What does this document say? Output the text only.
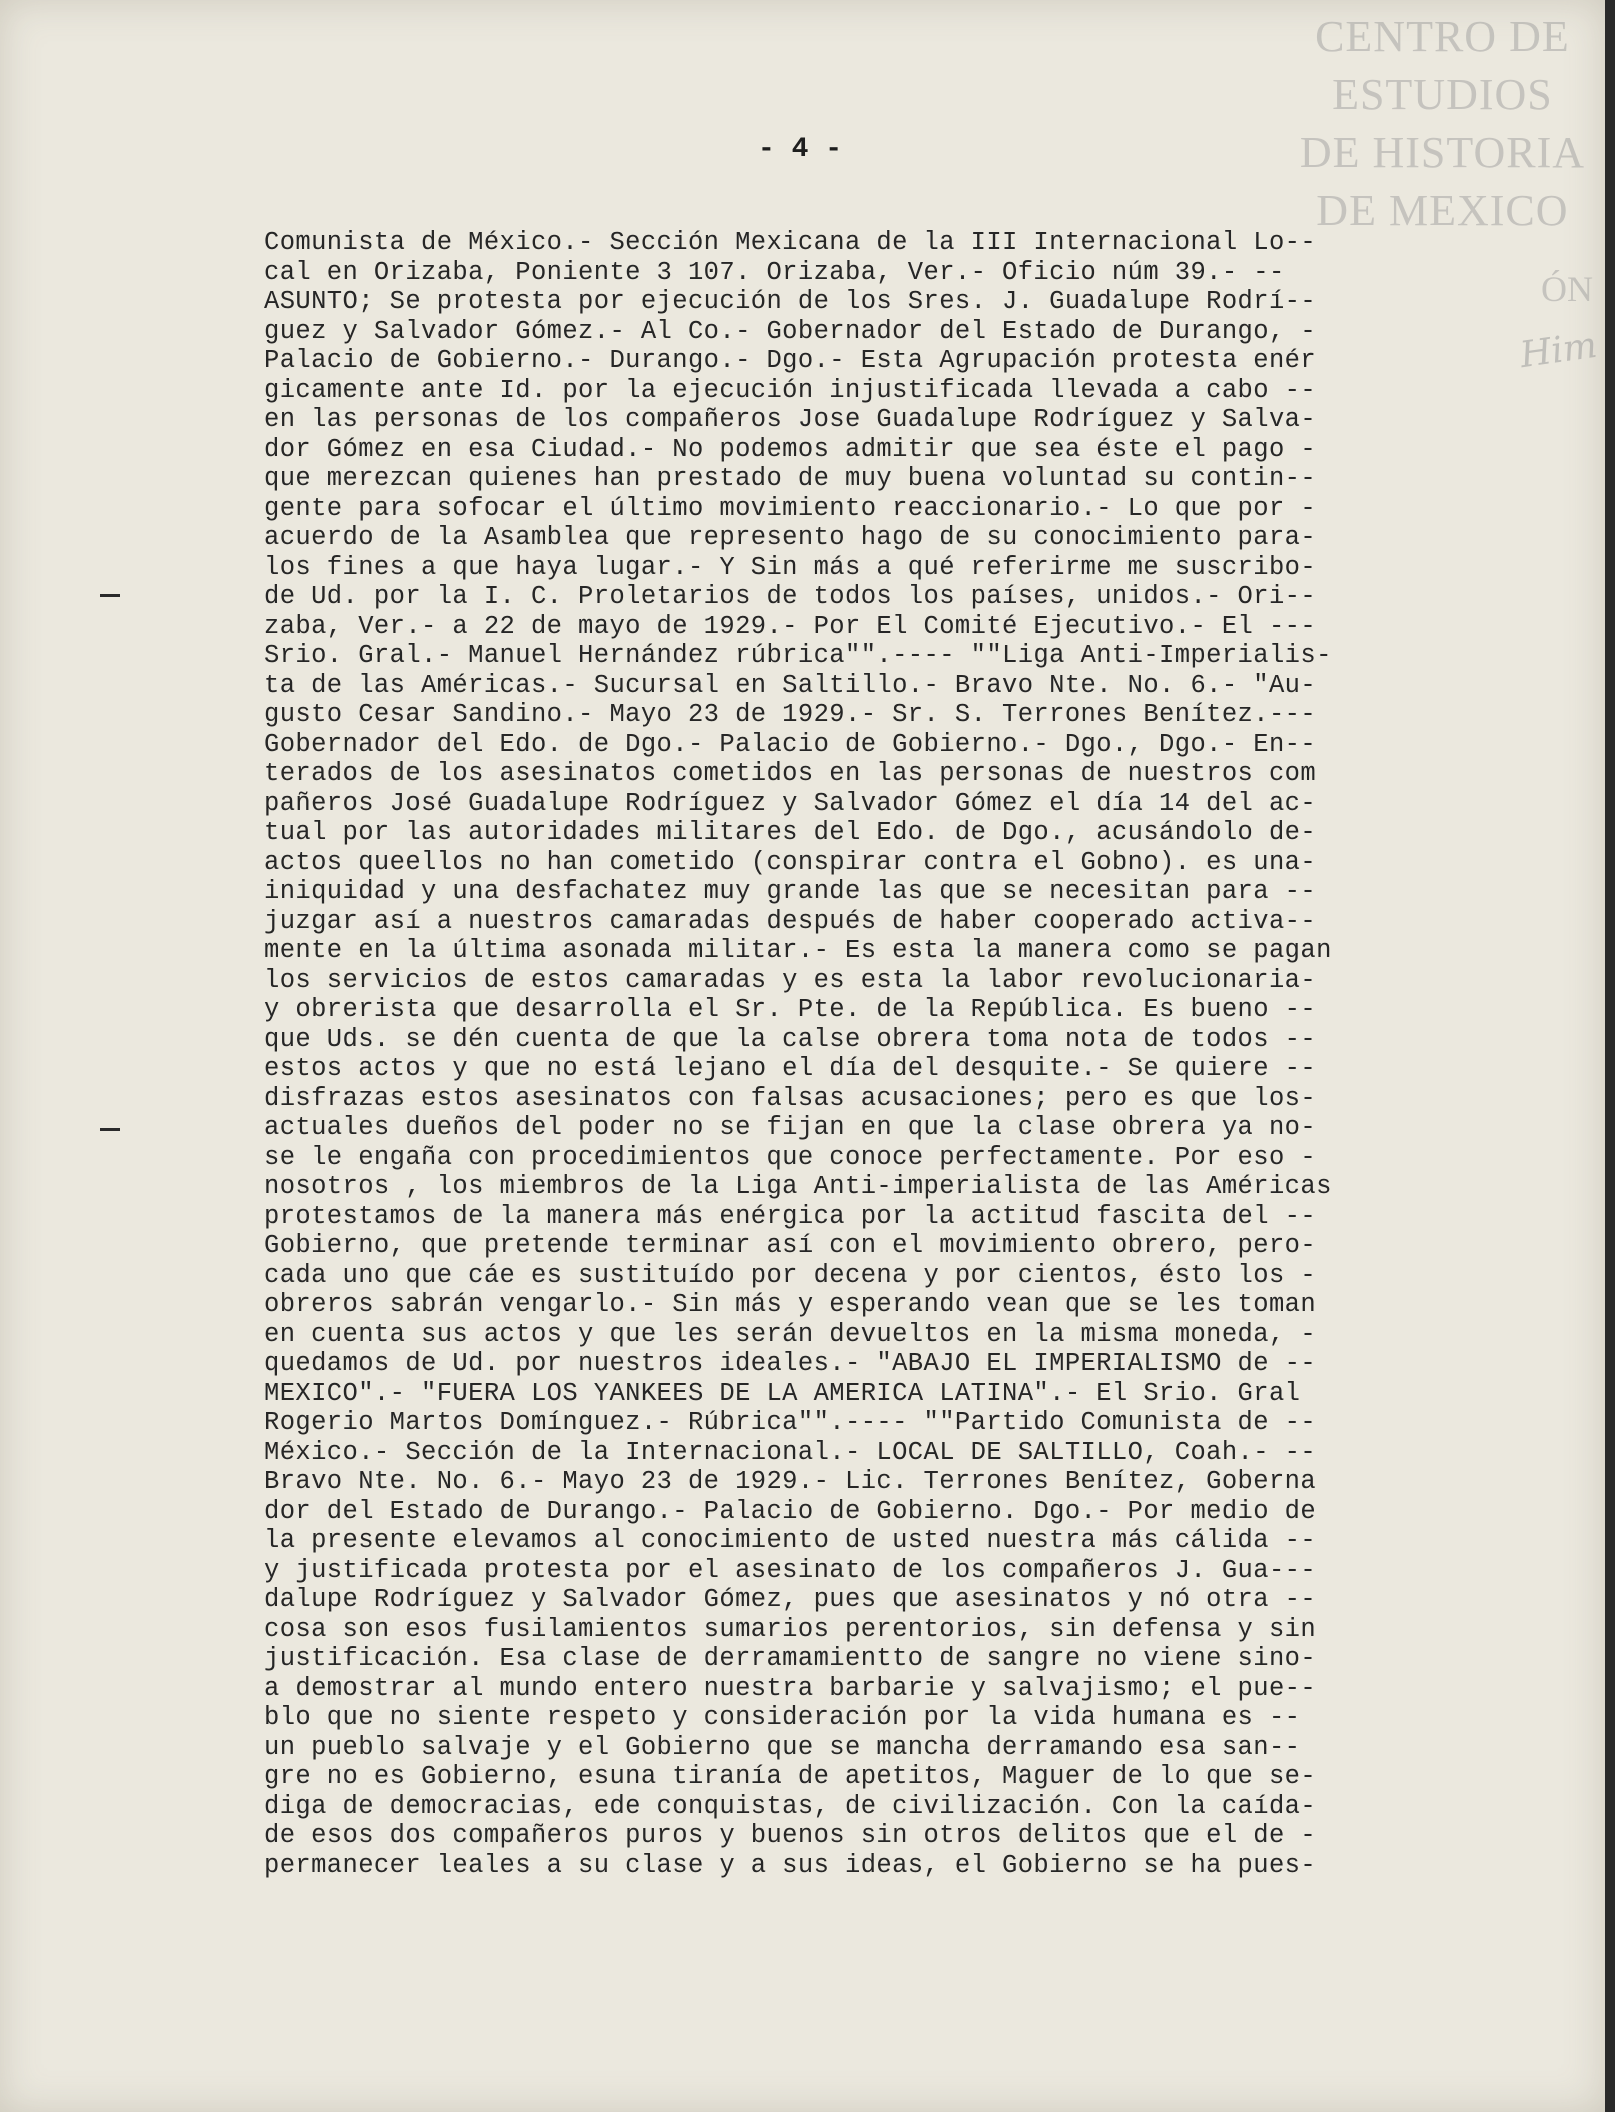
CENTRO DE
ESTUDIOS
DE HISTORIA
DE MEXICO
ÓN
Him
- 4 -
Comunista de México.- Sección Mexicana de la III Internacional Lo--
cal en Orizaba, Poniente 3 107. Orizaba, Ver.- Oficio núm 39.- --
ASUNTO; Se protesta por ejecución de los Sres. J. Guadalupe Rodrí--
guez y Salvador Gómez.- Al Co.- Gobernador del Estado de Durango, -
Palacio de Gobierno.- Durango.- Dgo.- Esta Agrupación protesta enér
gicamente ante Id. por la ejecución injustificada llevada a cabo --
en las personas de los compañeros Jose Guadalupe Rodríguez y Salva-
dor Gómez en esa Ciudad.- No podemos admitir que sea éste el pago -
que merezcan quienes han prestado de muy buena voluntad su contin--
gente para sofocar el último movimiento reaccionario.- Lo que por -
acuerdo de la Asamblea que represento hago de su conocimiento para-
los fines a que haya lugar.- Y Sin más a qué referirme me suscribo-
de Ud. por la I. C. Proletarios de todos los países, unidos.- Ori--
zaba, Ver.- a 22 de mayo de 1929.- Por El Comité Ejecutivo.- El ---
Srio. Gral.- Manuel Hernández rúbrica"".---- ""Liga Anti-Imperialis-
ta de las Américas.- Sucursal en Saltillo.- Bravo Nte. No. 6.- "Au-
gusto Cesar Sandino.- Mayo 23 de 1929.- Sr. S. Terrones Benítez.---
Gobernador del Edo. de Dgo.- Palacio de Gobierno.- Dgo., Dgo.- En--
terados de los asesinatos cometidos en las personas de nuestros com
pañeros José Guadalupe Rodríguez y Salvador Gómez el día 14 del ac-
tual por las autoridades militares del Edo. de Dgo., acusándolo de-
actos queellos no han cometido (conspirar contra el Gobno). es una-
iniquidad y una desfachatez muy grande las que se necesitan para --
juzgar así a nuestros camaradas después de haber cooperado activa--
mente en la última asonada militar.- Es esta la manera como se pagan
los servicios de estos camaradas y es esta la labor revolucionaria-
y obrerista que desarrolla el Sr. Pte. de la República. Es bueno --
que Uds. se dén cuenta de que la calse obrera toma nota de todos --
estos actos y que no está lejano el día del desquite.- Se quiere --
disfrazas estos asesinatos con falsas acusaciones; pero es que los-
actuales dueños del poder no se fijan en que la clase obrera ya no-
se le engaña con procedimientos que conoce perfectamente. Por eso -
nosotros , los miembros de la Liga Anti-imperialista de las Américas
protestamos de la manera más enérgica por la actitud fascita del --
Gobierno, que pretende terminar así con el movimiento obrero, pero-
cada uno que cáe es sustituído por decena y por cientos, ésto los -
obreros sabrán vengarlo.- Sin más y esperando vean que se les toman
en cuenta sus actos y que les serán devueltos en la misma moneda, -
quedamos de Ud. por nuestros ideales.- "ABAJO EL IMPERIALISMO de --
MEXICO".- "FUERA LOS YANKEES DE LA AMERICA LATINA".- El Srio. Gral
Rogerio Martos Domínguez.- Rúbrica"".---- ""Partido Comunista de --
México.- Sección de la Internacional.- LOCAL DE SALTILLO, Coah.- --
Bravo Nte. No. 6.- Mayo 23 de 1929.- Lic. Terrones Benítez, Goberna
dor del Estado de Durango.- Palacio de Gobierno. Dgo.- Por medio de
la presente elevamos al conocimiento de usted nuestra más cálida --
y justificada protesta por el asesinato de los compañeros J. Gua---
dalupe Rodríguez y Salvador Gómez, pues que asesinatos y nó otra --
cosa son esos fusilamientos sumarios perentorios, sin defensa y sin
justificación. Esa clase de derramamientto de sangre no viene sino-
a demostrar al mundo entero nuestra barbarie y salvajismo; el pue--
blo que no siente respeto y consideración por la vida humana es --
un pueblo salvaje y el Gobierno que se mancha derramando esa san--
gre no es Gobierno, esuna tiranía de apetitos, Maguer de lo que se-
diga de democracias, ede conquistas, de civilización. Con la caída-
de esos dos compañeros puros y buenos sin otros delitos que el de -
permanecer leales a su clase y a sus ideas, el Gobierno se ha pues-
